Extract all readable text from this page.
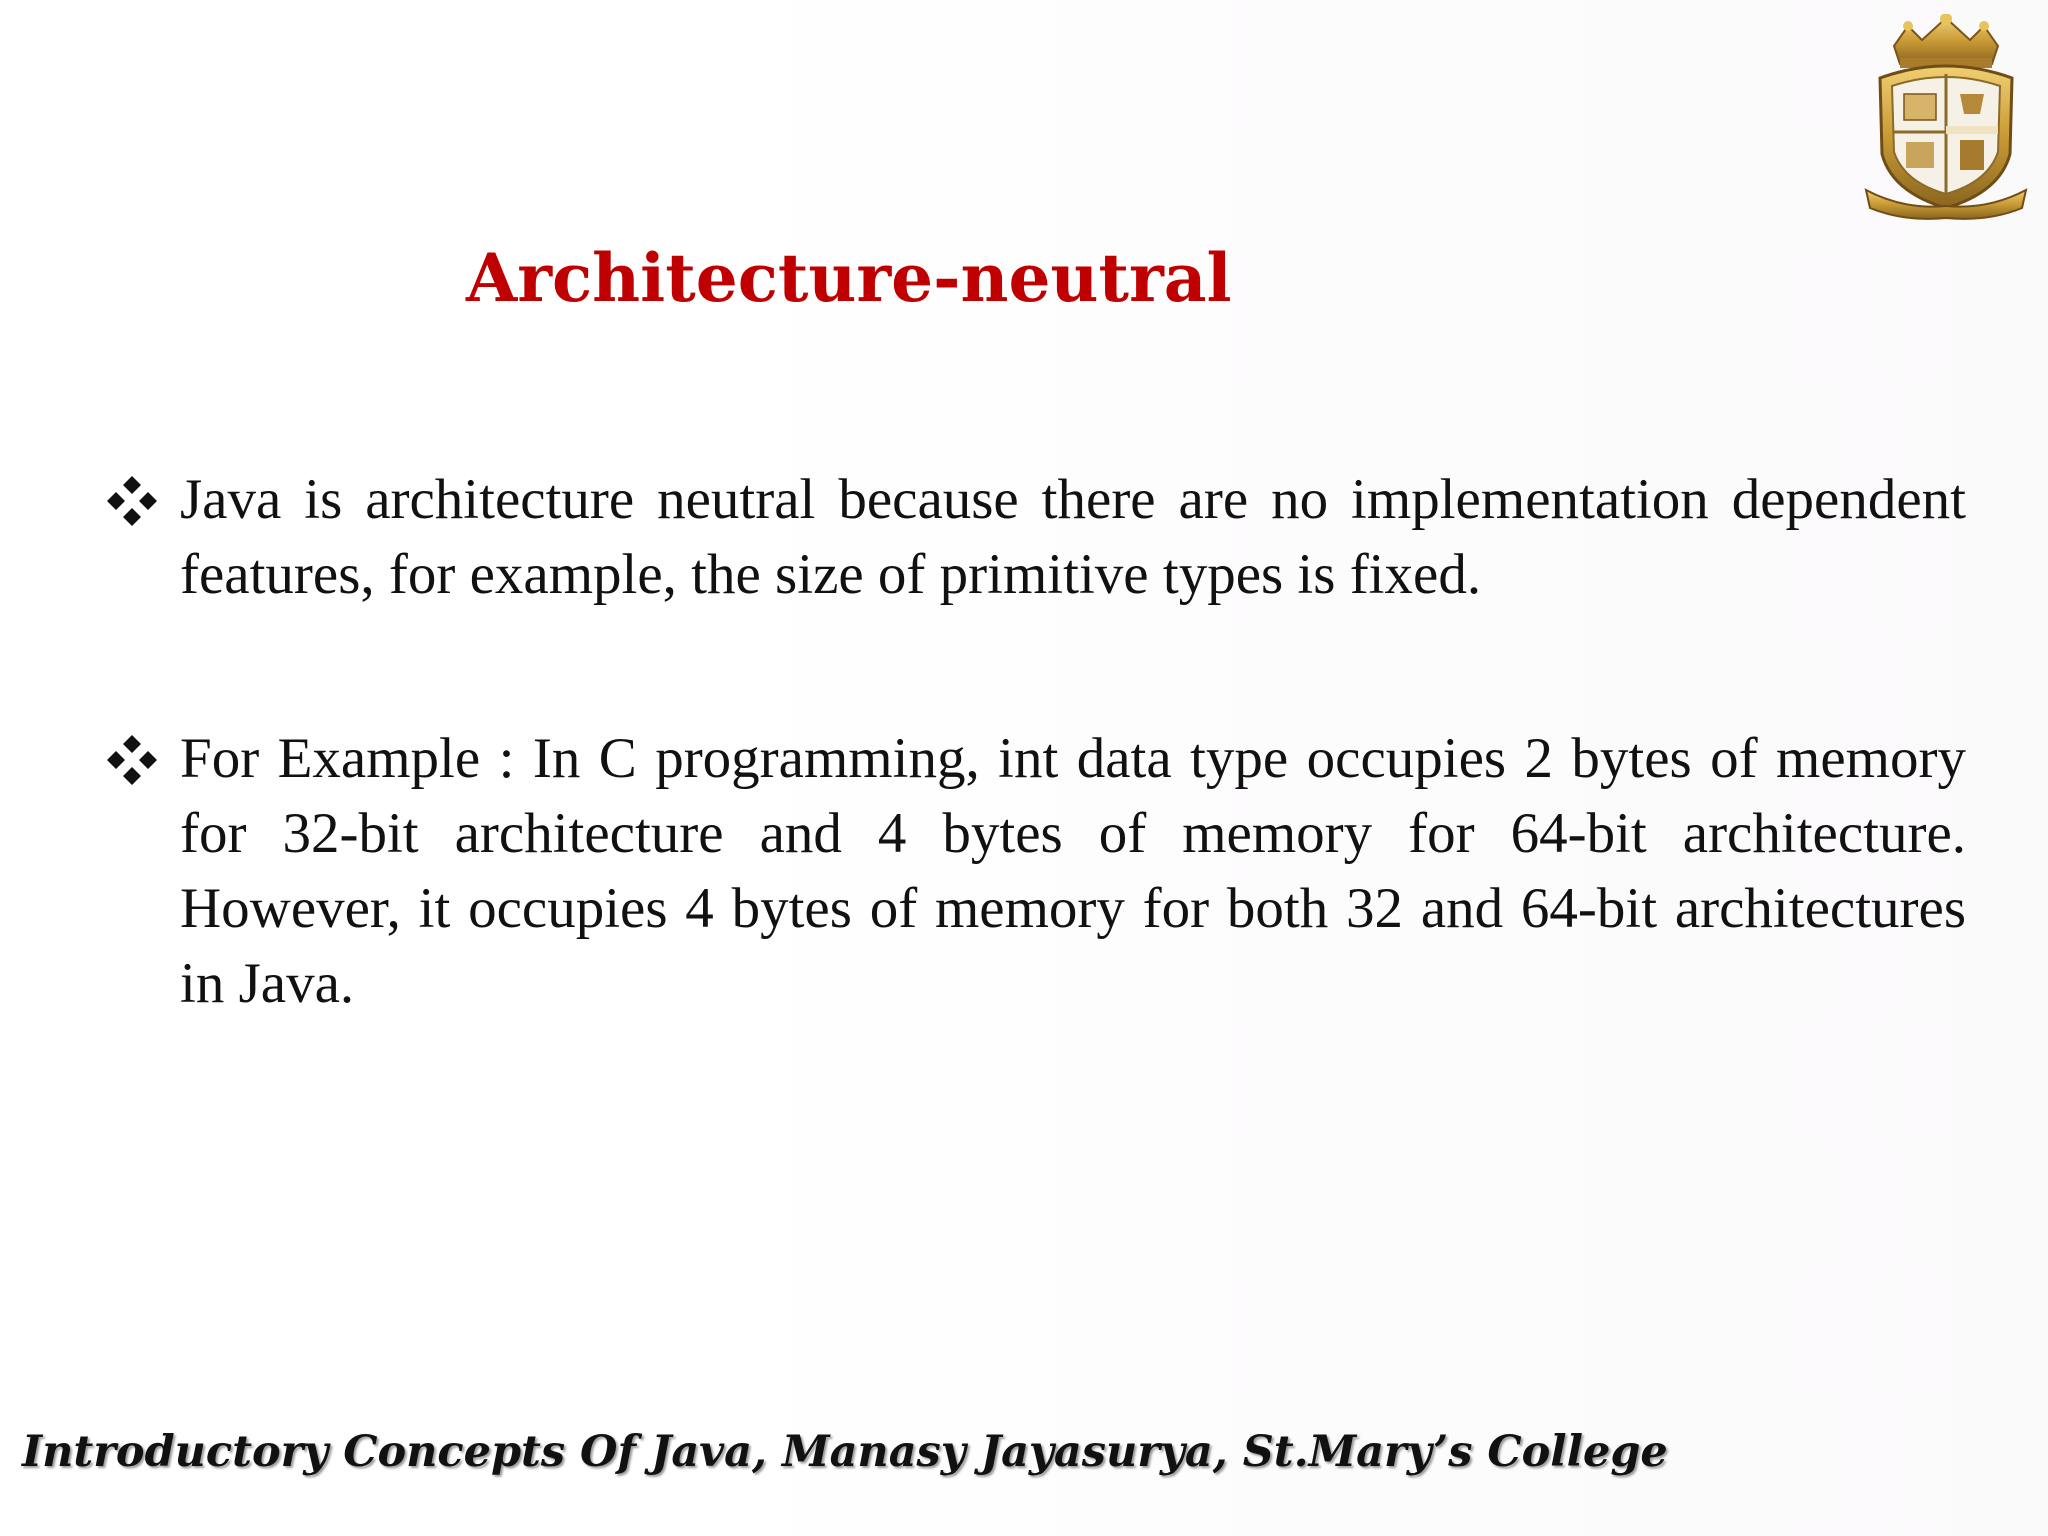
Architecture-neutral
Java is architecture neutral because there are no implementation dependent features, for example, the size of primitive types is fixed.
For Example : In C programming, int data type occupies 2 bytes of memory for 32-bit architecture and 4 bytes of memory for 64-bit architecture. However, it occupies 4 bytes of memory for both 32 and 64-bit architectures in Java.
Introductory Concepts Of Java, Manasy Jayasurya, St.Mary’s College
